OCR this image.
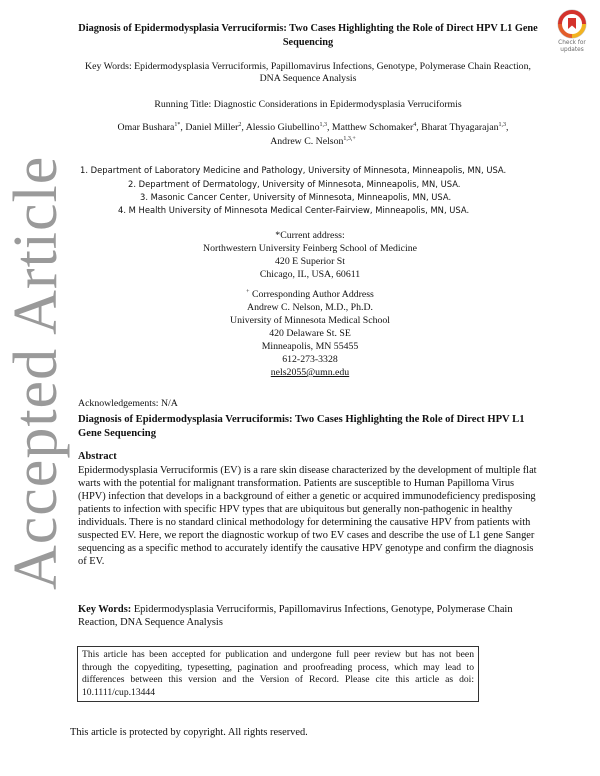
Accepted Article
Check for
updates
Diagnosis of Epidermodysplasia Verruciformis: Two Cases Highlighting the Role of Direct HPV L1 Gene Sequencing
Key Words: Epidermodysplasia Verruciformis, Papillomavirus Infections, Genotype, Polymerase Chain Reaction, DNA Sequence Analysis
Running Title: Diagnostic Considerations in Epidermodysplasia Verruciformis
Omar Bushara$^{1*}$, Daniel Miller$^2$, Alessio Giubellino$^{1,3}$, Matthew Schomaker$^4$, Bharat Thyagarajan$^{1,3}$,
Andrew C. Nelson$^{1,3,+}$
1. Department of Laboratory Medicine and Pathology, University of Minnesota, Minneapolis, MN, USA.
2. Department of Dermatology, University of Minnesota, Minneapolis, MN, USA.
3. Masonic Cancer Center, University of Minnesota, Minneapolis, MN, USA.
4. M Health University of Minnesota Medical Center-Fairview, Minneapolis, MN, USA.
*Current address:
Northwestern University Feinberg School of Medicine
420 E Superior St
Chicago, IL, USA, 60611
+ Corresponding Author Address
Andrew C. Nelson, M.D., Ph.D.
University of Minnesota Medical School
420 Delaware St. SE
Minneapolis, MN 55455
612-273-3328
nels2055@umn.edu
Acknowledgements: N/A
Diagnosis of Epidermodysplasia Verruciformis: Two Cases Highlighting the Role of Direct HPV L1 Gene Sequencing
Abstract
Epidermodysplasia Verruciformis (EV) is a rare skin disease characterized by the development of multiple flat warts with the potential for malignant transformation. Patients are susceptible to Human Papilloma Virus (HPV) infection that develops in a background of either a genetic or acquired immunodeficiency predisposing patients to infection with specific HPV types that are ubiquitous but generally non-pathogenic in healthy individuals. There is no standard clinical methodology for determining the causative HPV from patients with suspected EV. Here, we report the diagnostic workup of two EV cases and describe the use of L1 gene Sanger sequencing as a specific method to accurately identify the causative HPV genotype and confirm the diagnosis of EV.
Key Words: Epidermodysplasia Verruciformis, Papillomavirus Infections, Genotype, Polymerase Chain Reaction, DNA Sequence Analysis
This article has been accepted for publication and undergone full peer review but has not been through the copyediting, typesetting, pagination and proofreading process, which may lead to differences between this version and the Version of Record. Please cite this article as doi: 10.1111/cup.13444
This article is protected by copyright. All rights reserved.
